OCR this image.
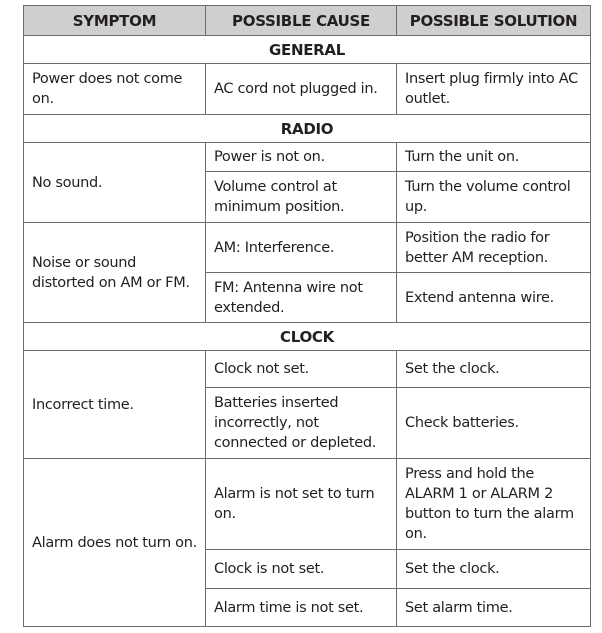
SYMPTOM	POSSIBLE CAUSE	POSSIBLE SOLUTION
GENERAL		
Power does not come on.	AC cord not plugged in.	Insert plug firmly into AC outlet.
RADIO		
No sound.	Power is not on.	Turn the unit on.
	Volume control at minimum position.	Turn the volume control up.
Noise or sound distorted on AM or FM.	AM: Interference.	Position the radio for better AM reception.
	FM: Antenna wire not extended.	Extend antenna wire.
CLOCK		
Incorrect time.	Clock not set.	Set the clock.
	Batteries inserted incorrectly, not connected or depleted.	Check batteries.
Alarm does not turn on.	Alarm is not set to turn on.	Press and hold the ALARM 1 or ALARM 2 button to turn the alarm on.
	Clock is not set.	Set the clock.
	Alarm time is not set.	Set alarm time.
